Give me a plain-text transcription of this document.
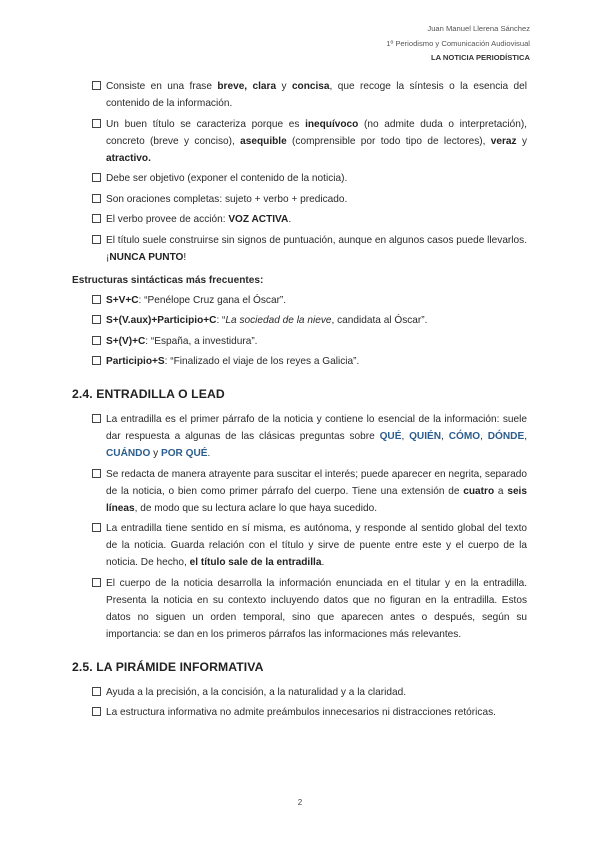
Juan Manuel Llerena Sánchez
1º Periodismo y Comunicación Audiovisual
LA NOTICIA PERIODÍSTICA
Consiste en una frase breve, clara y concisa, que recoge la síntesis o la esencia del contenido de la información.
Un buen título se caracteriza porque es inequívoco (no admite duda o interpretación), concreto (breve y conciso), asequible (comprensible por todo tipo de lectores), veraz y atractivo.
Debe ser objetivo (exponer el contenido de la noticia).
Son oraciones completas: sujeto + verbo + predicado.
El verbo provee de acción: VOZ ACTIVA.
El título suele construirse sin signos de puntuación, aunque en algunos casos puede llevarlos. ¡NUNCA PUNTO!
Estructuras sintácticas más frecuentes:
S+V+C: “Penélope Cruz gana el Óscar”.
S+(V.aux)+Participio+C: “La sociedad de la nieve, candidata al Óscar”.
S+(V)+C: “España, a investidura”.
Participio+S: “Finalizado el viaje de los reyes a Galicia”.
2.4. ENTRADILLA O LEAD
La entradilla es el primer párrafo de la noticia y contiene lo esencial de la información: suele dar respuesta a algunas de las clásicas preguntas sobre QUÉ, QUIÉN, CÓMO, DÓNDE, CUÁNDO y POR QUÉ.
Se redacta de manera atrayente para suscitar el interés; puede aparecer en negrita, separado de la noticia, o bien como primer párrafo del cuerpo. Tiene una extensión de cuatro a seis líneas, de modo que su lectura aclare lo que haya sucedido.
La entradilla tiene sentido en sí misma, es autónoma, y responde al sentido global del texto de la noticia. Guarda relación con el título y sirve de puente entre este y el cuerpo de la noticia. De hecho, el título sale de la entradilla.
El cuerpo de la noticia desarrolla la información enunciada en el titular y en la entradilla. Presenta la noticia en su contexto incluyendo datos que no figuran en la entradilla. Estos datos no siguen un orden temporal, sino que aparecen antes o después, según su importancia: se dan en los primeros párrafos las informaciones más relevantes.
2.5. LA PIRÁMIDE INFORMATIVA
Ayuda a la precisión, a la concisión, a la naturalidad y a la claridad.
La estructura informativa no admite preámbulos innecesarios ni distracciones retóricas.
2
